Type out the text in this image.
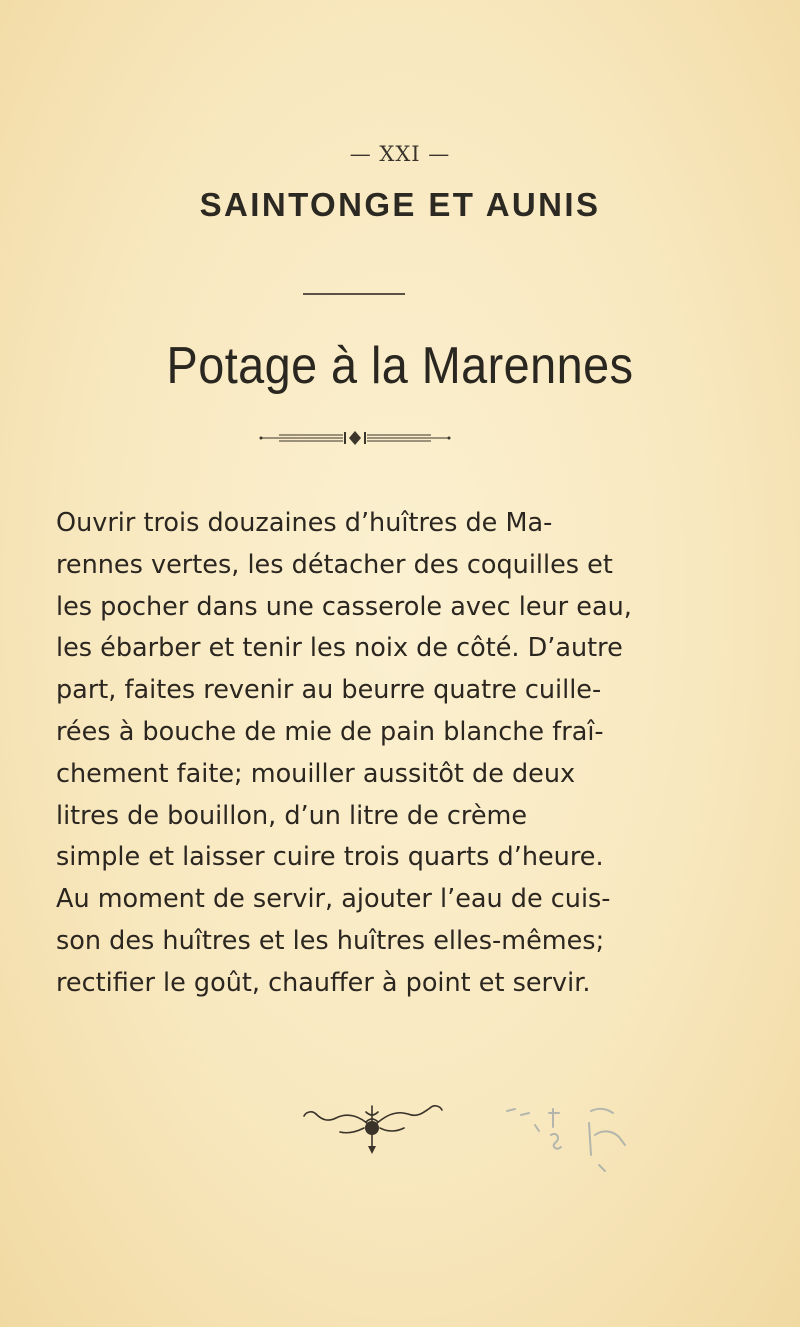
— XXI —
SAINTONGE ET AUNIS
Potage à la Marennes
Ouvrir trois douzaines d’huîtres de Ma-
rennes vertes, les détacher des coquilles et
les pocher dans une casserole avec leur eau,
les ébarber et tenir les noix de côté. D’autre
part, faites revenir au beurre quatre cuille-
rées à bouche de mie de pain blanche fraî-
chement faite; mouiller aussitôt de deux
litres de bouillon, d’un litre de crème
simple et laisser cuire trois quarts d’heure.
Au moment de servir, ajouter l’eau de cuis-
son des huîtres et les huîtres elles-mêmes;
rectifier le goût, chauffer à point et servir.
